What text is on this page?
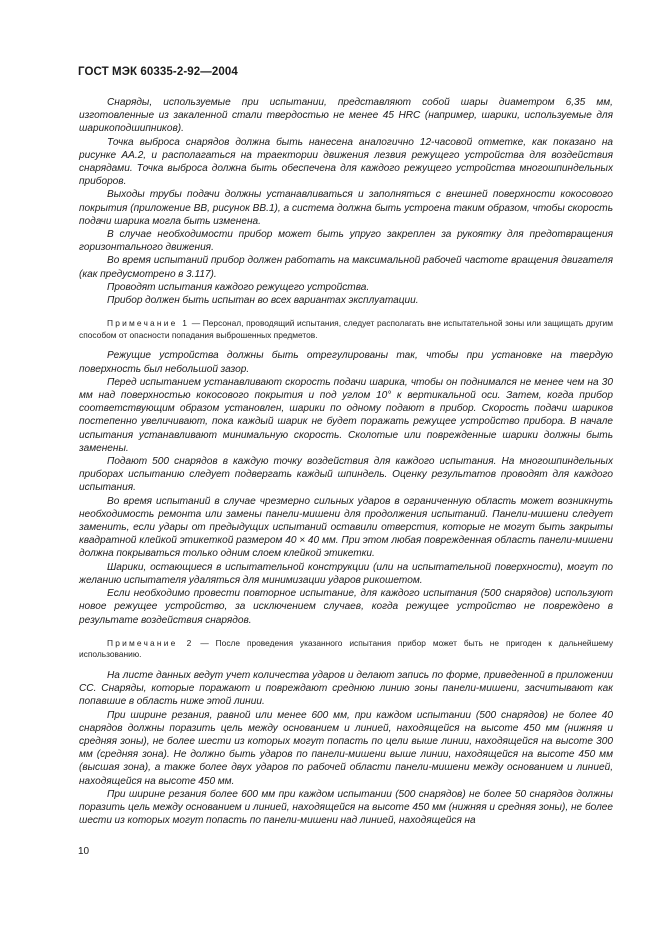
ГОСТ МЭК 60335-2-92—2004

Снаряды, используемые при испытании, представляют собой шары диаметром 6,35 мм, изготовленные из закаленной стали твердостью не менее 45 HRC (например, шарики, используемые для шарикоподшипников).

Точка выброса снарядов должна быть нанесена аналогично 12-часовой отметке, как показано на рисунке АА.2, и располагаться на траектории движения лезвия режущего устройства для воздействия снарядами. Точка выброса должна быть обеспечена для каждого режущего устройства многошпиндельных приборов.

Выходы трубы подачи должны устанавливаться и заполняться с внешней поверхности кокосового покрытия (приложение ВВ, рисунок ВВ.1), а система должна быть устроена таким образом, чтобы скорость подачи шарика могла быть изменена.

В случае необходимости прибор может быть упруго закреплен за рукоятку для предотвращения горизонтального движения.

Во время испытаний прибор должен работать на максимальной рабочей частоте вращения двигателя (как предусмотрено в 3.117).

Проводят испытания каждого режущего устройства.

Прибор должен быть испытан во всех вариантах эксплуатации.

Примечание 1 — Персонал, проводящий испытания, следует располагать вне испытательной зоны или защищать другим способом от опасности попадания выброшенных предметов.

Режущие устройства должны быть отрегулированы так, чтобы при установке на твердую поверхность был небольшой зазор.

Перед испытанием устанавливают скорость подачи шарика, чтобы он поднимался не менее чем на 30 мм над поверхностью кокосового покрытия и под углом 10° к вертикальной оси. Затем, когда прибор соответствующим образом установлен, шарики по одному подают в прибор. Скорость подачи шариков постепенно увеличивают, пока каждый шарик не будет поражать режущее устройство прибора. В начале испытания устанавливают минимальную скорость. Сколотые или поврежденные шарики должны быть заменены.

Подают 500 снарядов в каждую точку воздействия для каждого испытания. На многошпиндельных приборах испытанию следует подвергать каждый шпиндель. Оценку результатов проводят для каждого испытания.

Во время испытаний в случае чрезмерно сильных ударов в ограниченную область может возникнуть необходимость ремонта или замены панели-мишени для продолжения испытаний. Панели-мишени следует заменить, если удары от предыдущих испытаний оставили отверстия, которые не могут быть закрыты квадратной клейкой этикеткой размером 40 × 40 мм. При этом любая поврежденная область панели-мишени должна покрываться только одним слоем клейкой этикетки.

Шарики, остающиеся в испытательной конструкции (или на испытательной поверхности), могут по желанию испытателя удаляться для минимизации ударов рикошетом.

Если необходимо провести повторное испытание, для каждого испытания (500 снарядов) используют новое режущее устройство, за исключением случаев, когда режущее устройство не повреждено в результате воздействия снарядов.

Примечание 2 — После проведения указанного испытания прибор может быть не пригоден к дальнейшему использованию.

На листе данных ведут учет количества ударов и делают запись по форме, приведенной в приложении СС. Снаряды, которые поражают и повреждают среднюю линию зоны панели-мишени, засчитывают как попавшие в область ниже этой линии.

При ширине резания, равной или менее 600 мм, при каждом испытании (500 снарядов) не более 40 снарядов должны поразить цель между основанием и линией, находящейся на высоте 450 мм (нижняя и средняя зоны), не более шести из которых могут попасть по цели выше линии, находящейся на высоте 300 мм (средняя зона). Не должно быть ударов по панели-мишени выше линии, находящейся на высоте 450 мм (высшая зона), а также более двух ударов по рабочей области панели-мишени между основанием и линией, находящейся на высоте 450 мм.

При ширине резания более 600 мм при каждом испытании (500 снарядов) не более 50 снарядов должны поразить цель между основанием и линией, находящейся на высоте 450 мм (нижняя и средняя зоны), не более шести из которых могут попасть по панели-мишени над линией, находящейся на

10
